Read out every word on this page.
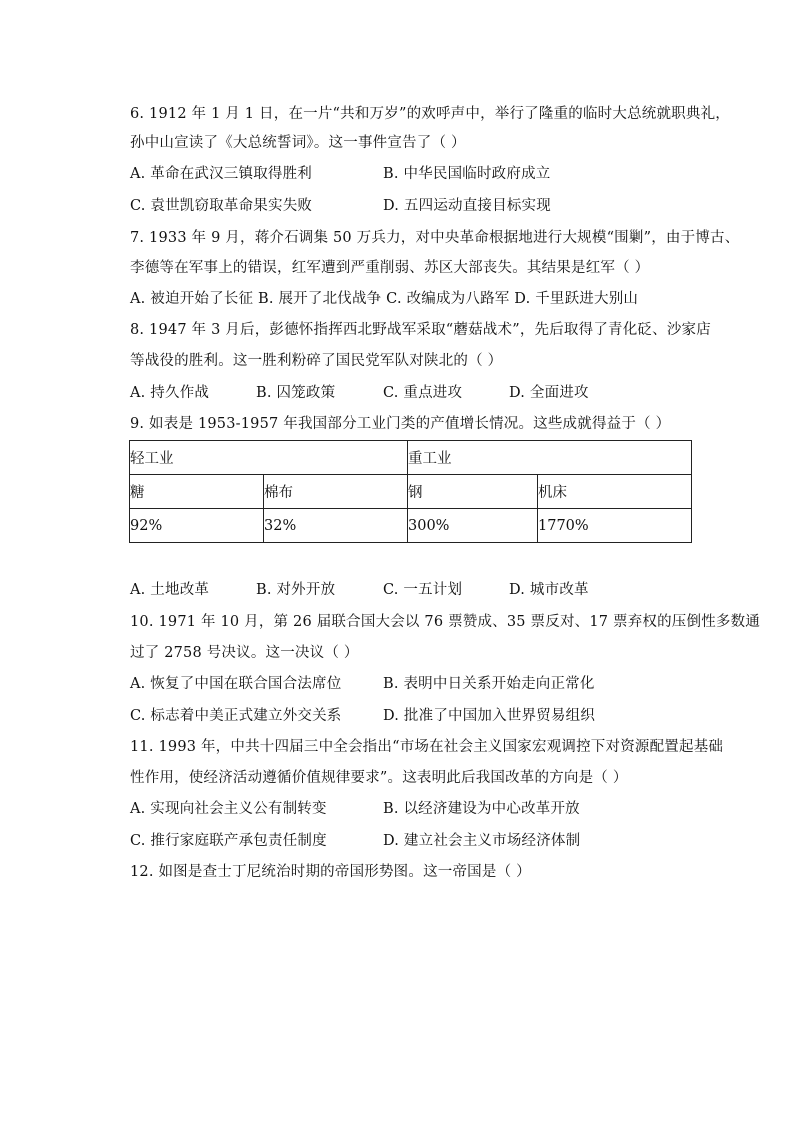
6. 1912 年 1 月 1 日，在一片“共和万岁”的欢呼声中，举行了隆重的临时大总统就职典礼，
孙中山宣读了《大总统誓词》。这一事件宣告了（ ）
A. 革命在武汉三镇取得胜利	B. 中华民国临时政府成立
C. 袁世凯窃取革命果实失败	D. 五四运动直接目标实现
7. 1933 年 9 月，蒋介石调集 50 万兵力，对中央革命根据地进行大规模“围剿”，由于博古、
李德等在军事上的错误，红军遭到严重削弱、苏区大部丧失。其结果是红军（ ）
A. 被迫开始了长征 B. 展开了北伐战争 C. 改编成为八路军 D. 千里跃进大别山
8. 1947 年 3 月后，彭德怀指挥西北野战军采取“蘑菇战术”，先后取得了青化砭、沙家店
等战役的胜利。这一胜利粉碎了国民党军队对陕北的（ ）
A. 持久作战	B. 囚笼政策	C. 重点进攻	D. 全面进攻
9. 如表是 1953-1957 年我国部分工业门类的产值增长情况。这些成就得益于（ ）
轻工业		重工业	
糖	棉布	钢	机床
92%	32%	300%	1770%
A. 土地改革	B. 对外开放	C. 一五计划	D. 城市改革
10. 1971 年 10 月，第 26 届联合国大会以 76 票赞成、35 票反对、17 票弃权的压倒性多数通
过了 2758 号决议。这一决议（ ）
A. 恢复了中国在联合国合法席位	B. 表明中日关系开始走向正常化
C. 标志着中美正式建立外交关系	D. 批准了中国加入世界贸易组织
11. 1993 年，中共十四届三中全会指出“市场在社会主义国家宏观调控下对资源配置起基础
性作用，使经济活动遵循价值规律要求”。这表明此后我国改革的方向是（ ）
A. 实现向社会主义公有制转变	B. 以经济建设为中心改革开放
C. 推行家庭联产承包责任制度	D. 建立社会主义市场经济体制
12. 如图是查士丁尼统治时期的帝国形势图。这一帝国是（ ）
